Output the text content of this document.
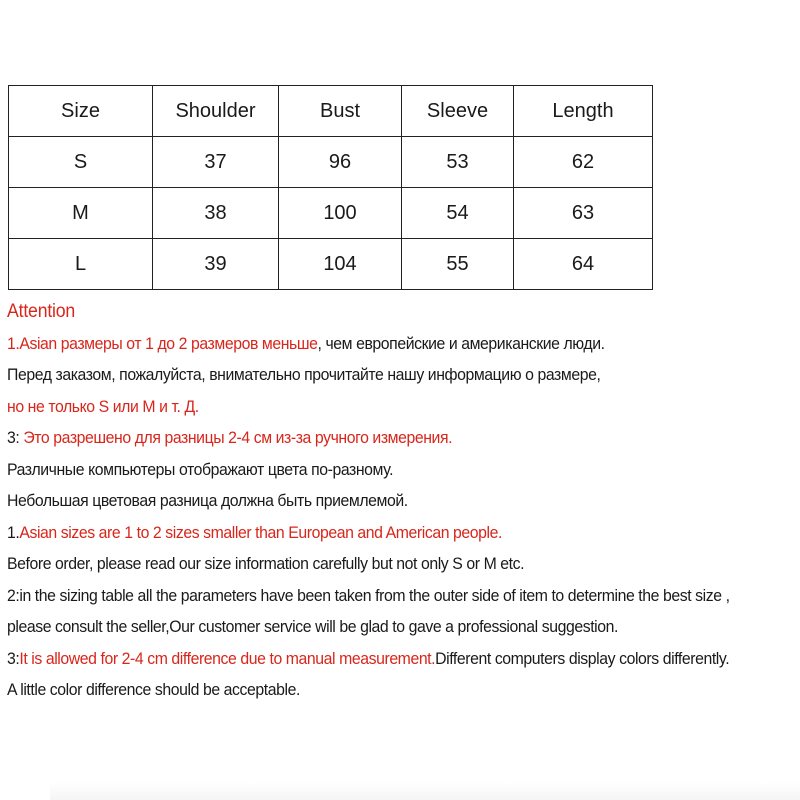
Size	Shoulder	Bust	Sleeve	Length
S	37	96	53	62
M	38	100	54	63
L	39	104	55	64
Attention
1.Asian размеры от 1 до 2 размеров меньше, чем европейские и американские люди.
Перед заказом, пожалуйста, внимательно прочитайте нашу информацию о размере,
но не только S или M и т. Д.
3: Это разрешено для разницы 2-4 см из-за ручного измерения.
Различные компьютеры отображают цвета по-разному.
Небольшая цветовая разница должна быть приемлемой.
1.Asian sizes are 1 to 2 sizes smaller than European and American people.
Before order, please read our size information carefully but not only S or M etc.
2:in the sizing table all the parameters have been taken from the outer side of item to determine the best size ,
please consult the seller,Our customer service will be glad to gave a professional suggestion.
3:It is allowed for 2-4 cm difference due to manual measurement.Different computers display colors differently.
A little color difference should be acceptable.
